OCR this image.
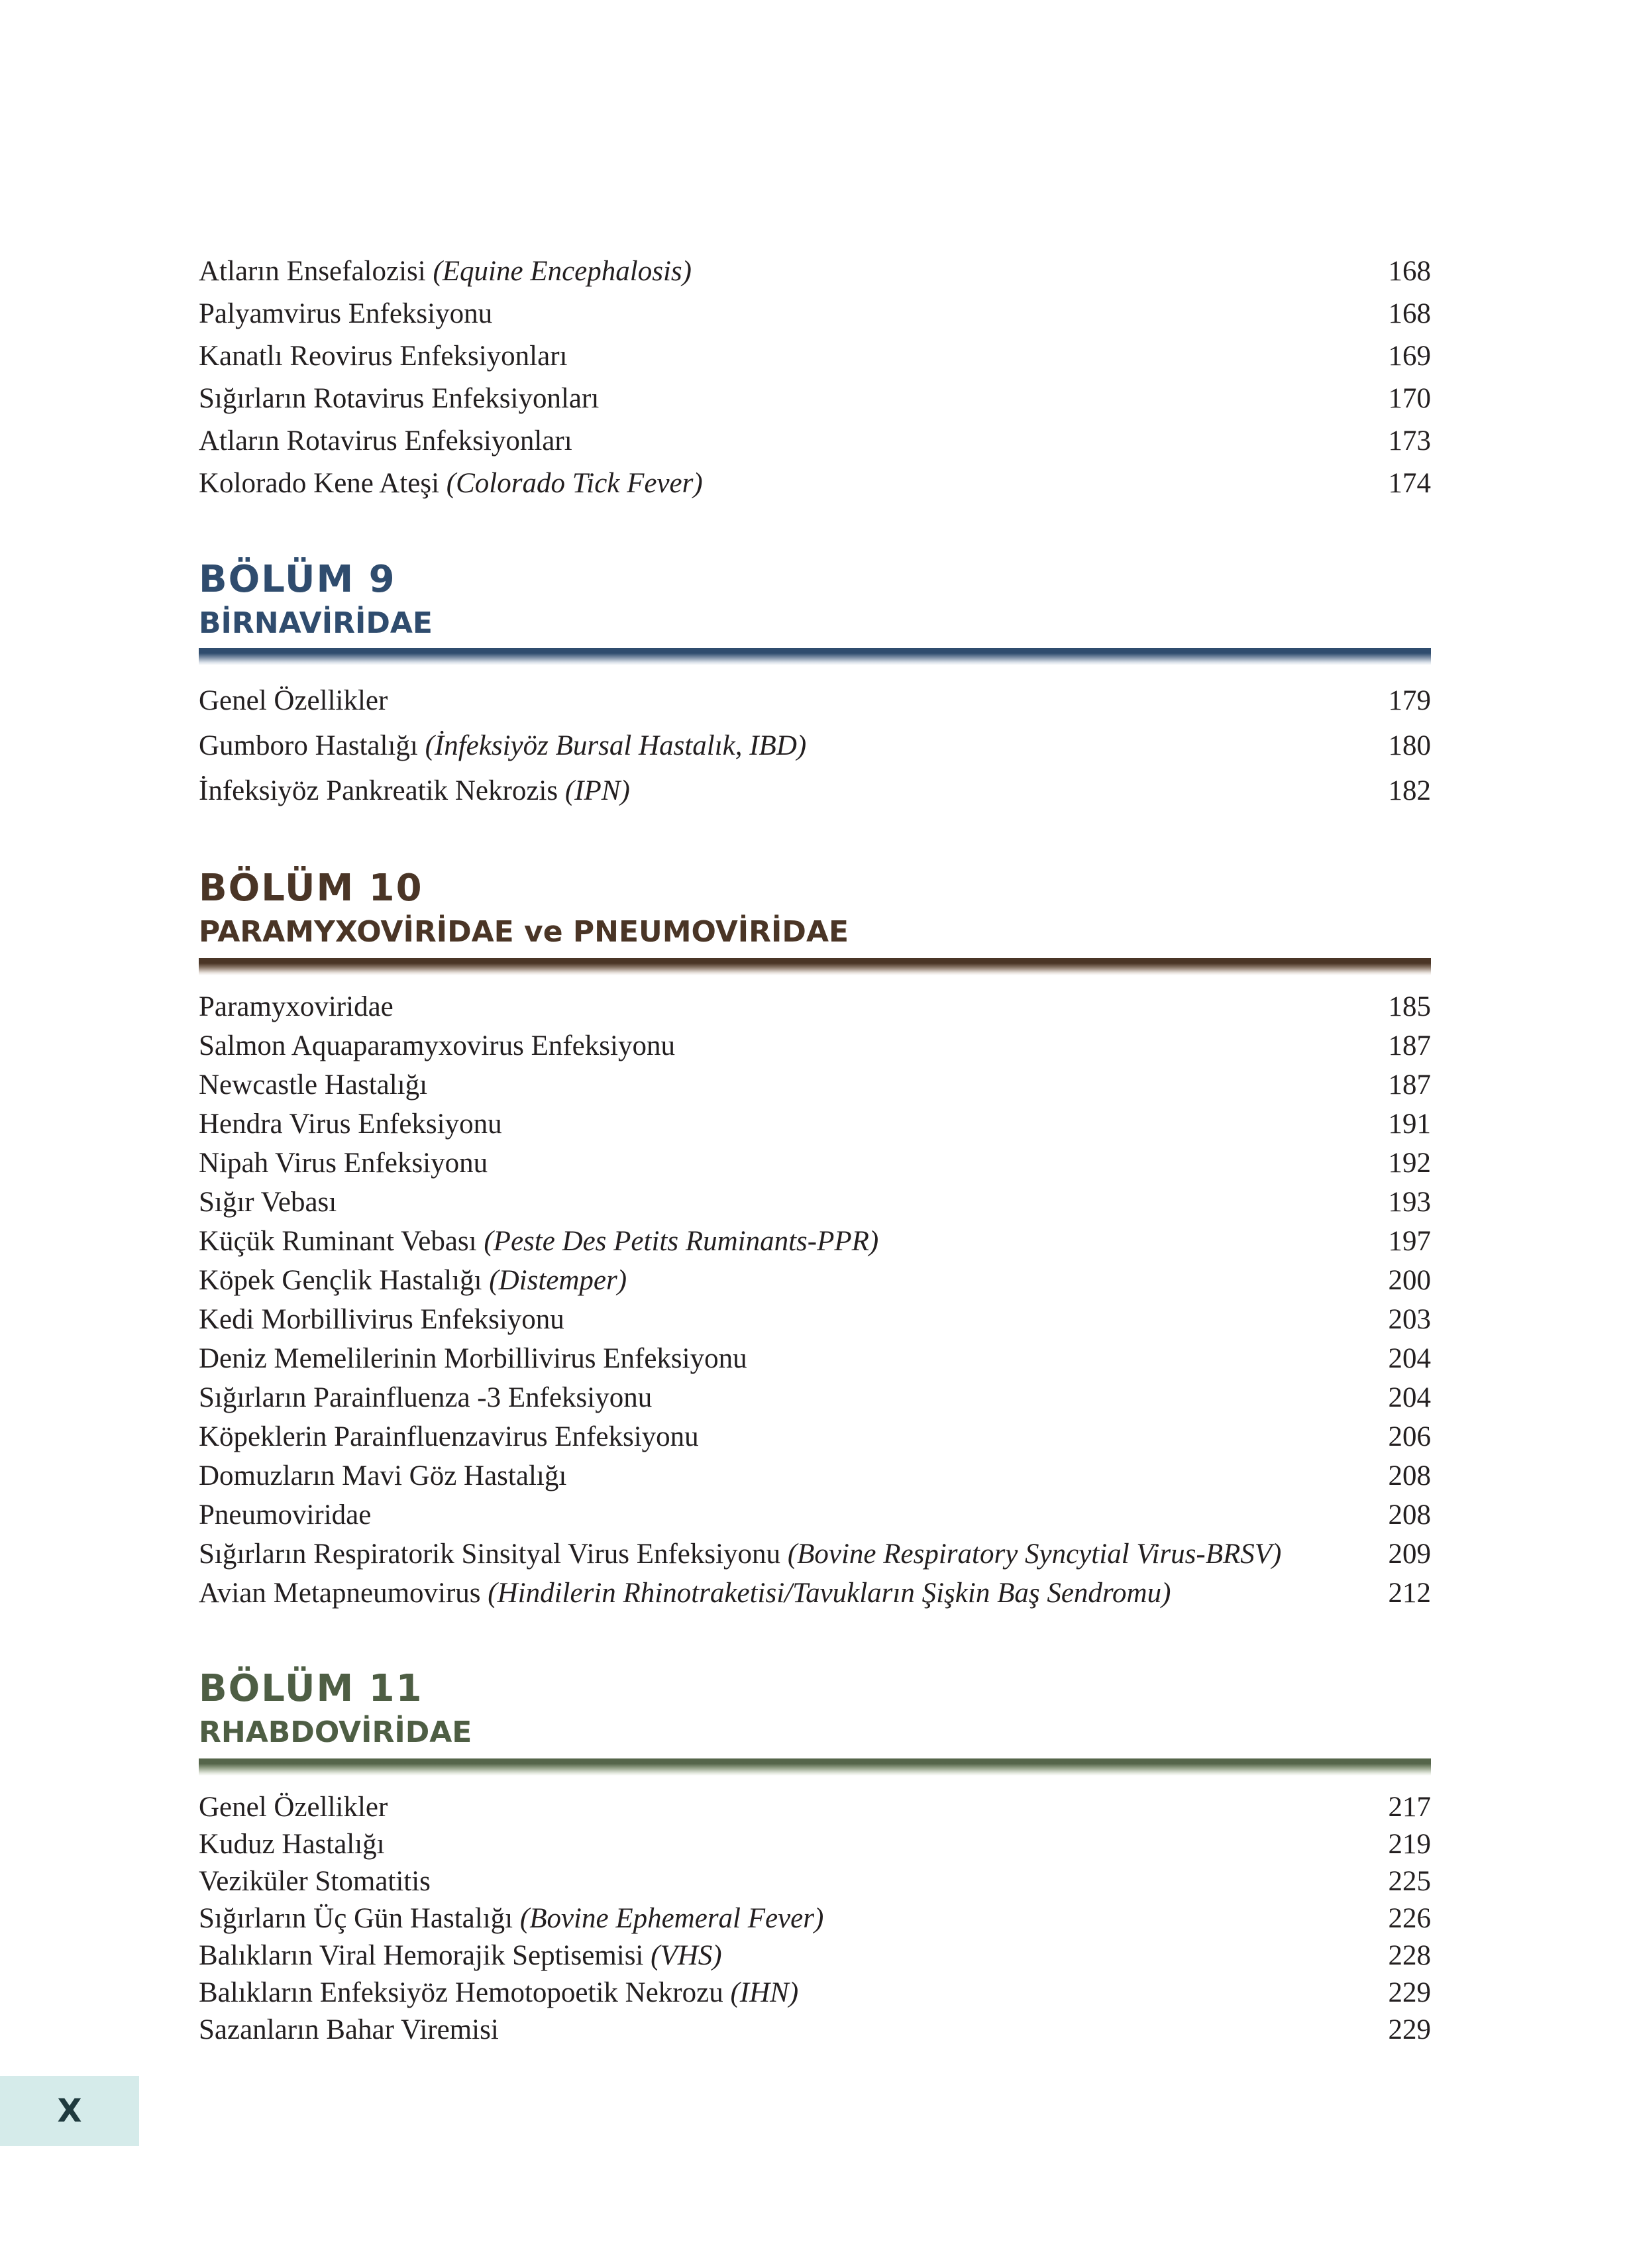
Atların Ensefalozisi (Equine Encephalosis)	168
Palyamvirus Enfeksiyonu	168
Kanatlı Reovirus Enfeksiyonları	169
Sığırların Rotavirus Enfeksiyonları	170
Atların Rotavirus Enfeksiyonları	173
Kolorado Kene Ateşi (Colorado Tick Fever)	174
BÖLÜM 9
BİRNAVİRİDAE
Genel Özellikler	179
Gumboro Hastalığı (İnfeksiyöz Bursal Hastalık, IBD)	180
İnfeksiyöz Pankreatik Nekrozis (IPN)	182
BÖLÜM 10
PARAMYXOVİRİDAE ve PNEUMOVİRİDAE
Paramyxoviridae	185
Salmon Aquaparamyxovirus Enfeksiyonu	187
Newcastle Hastalığı	187
Hendra Virus Enfeksiyonu	191
Nipah Virus Enfeksiyonu	192
Sığır Vebası	193
Küçük Ruminant Vebası (Peste Des Petits Ruminants-PPR)	197
Köpek Gençlik Hastalığı (Distemper)	200
Kedi Morbillivirus Enfeksiyonu	203
Deniz Memelilerinin Morbillivirus Enfeksiyonu	204
Sığırların Parainfluenza -3 Enfeksiyonu	204
Köpeklerin Parainfluenzavirus Enfeksiyonu	206
Domuzların Mavi Göz Hastalığı	208
Pneumoviridae	208
Sığırların Respiratorik Sinsityal Virus Enfeksiyonu (Bovine Respiratory Syncytial Virus-BRSV)	209
Avian Metapneumovirus (Hindilerin Rhinotraketisi/Tavukların Şişkin Baş Sendromu)	212
BÖLÜM 11
RHABDOVİRİDAE
Genel Özellikler	217
Kuduz Hastalığı	219
Veziküler Stomatitis	225
Sığırların Üç Gün Hastalığı (Bovine Ephemeral Fever)	226
Balıkların Viral Hemorajik Septisemisi (VHS)	228
Balıkların Enfeksiyöz Hemotopoetik Nekrozu (IHN)	229
Sazanların Bahar Viremisi	229
X
